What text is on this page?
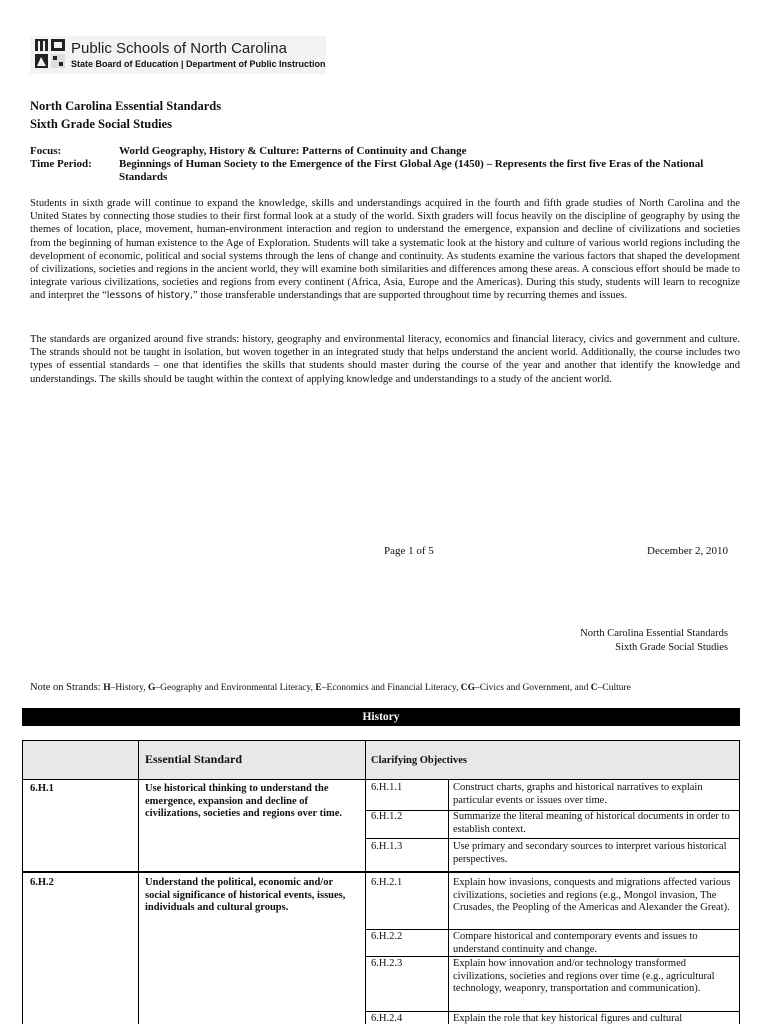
Public Schools of North Carolina
State Board of Education | Department of Public Instruction
North Carolina Essential Standards
Sixth Grade Social Studies
Focus:	World Geography, History & Culture: Patterns of Continuity and Change
Time Period: Beginnings of Human Society to the Emergence of the First Global Age (1450) – Represents the first five Eras of the National Standards

Students in sixth grade will continue to expand the knowledge, skills and understandings acquired in the fourth and fifth grade studies of North Carolina and the United States by connecting those studies to their first formal look at a study of the world. Sixth graders will focus heavily on the discipline of geography by using the themes of location, place, movement, human-environment interaction and region to understand the emergence, expansion and decline of civilizations and societies from the beginning of human existence to the Age of Exploration. Students will take a systematic look at the history and culture of various world regions including the development of economic, political and social systems through the lens of change and continuity. As students examine the various factors that shaped the development of civilizations, societies and regions in the ancient world, they will examine both similarities and differences among these areas. A conscious effort should be made to integrate various civilizations, societies and regions from every continent (Africa, Asia, Europe and the Americas). During this study, students will learn to recognize and interpret the “lessons of history,” those transferable understandings that are supported throughout time by recurring themes and issues.

The standards are organized around five strands: history, geography and environmental literacy, economics and financial literacy, civics and government and culture. The strands should not be taught in isolation, but woven together in an integrated study that helps understand the ancient world. Additionally, the course includes two types of essential standards – one that identifies the skills that students should master during the course of the year and another that identify the knowledge and understandings. The skills should be taught within the context of applying knowledge and understandings to a study of the ancient world.

Page 1 of 5	December 2, 2010
North Carolina Essential Standards
Sixth Grade Social Studies
Note on Strands: H–History, G–Geography and Environmental Literacy, E–Economics and Financial Literacy, CG–Civics and Government, and C–Culture
History
Essential Standard	Clarifying Objectives
6.H.1	Use historical thinking to understand the emergence, expansion and decline of civilizations, societies and regions over time.
6.H.1.1	Construct charts, graphs and historical narratives to explain particular events or issues over time.
6.H.1.2	Summarize the literal meaning of historical documents in order to establish context.
6.H.1.3	Use primary and secondary sources to interpret various historical perspectives.
6.H.2	Understand the political, economic and/or social significance of historical events, issues, individuals and cultural groups.
6.H.2.1	Explain how invasions, conquests and migrations affected various civilizations, societies and regions (e.g., Mongol invasion, The Crusades, the Peopling of the Americas and Alexander the Great).
6.H.2.2	Compare historical and contemporary events and issues to understand continuity and change.
6.H.2.3	Explain how innovation and/or technology transformed civilizations, societies and regions over time (e.g., agricultural technology, weaponry, transportation and communication).
6.H.2.4	Explain the role that key historical figures and cultural
